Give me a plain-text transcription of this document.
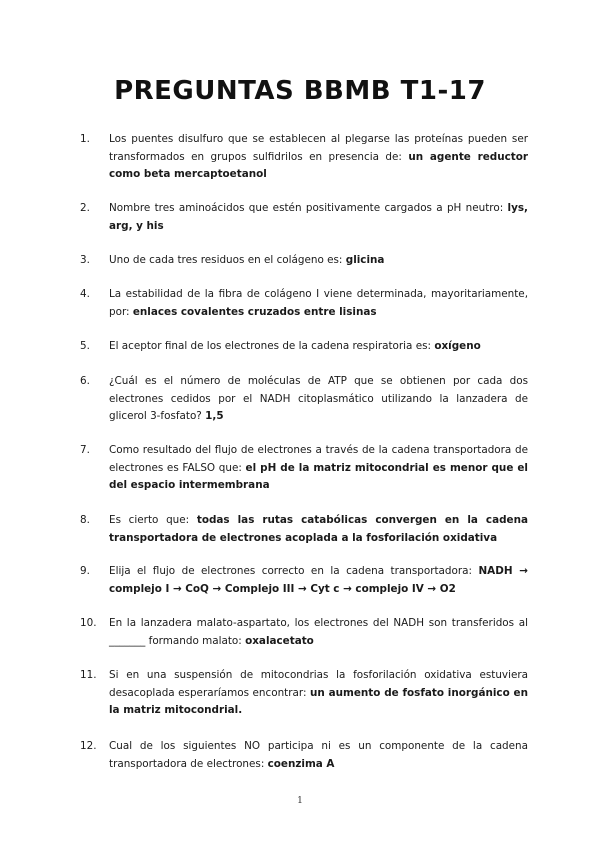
PREGUNTAS BBMB T1-17
1.	Los puentes disulfuro que se establecen al plegarse las proteínas pueden ser transformados en grupos sulfidrilos en presencia de: un agente reductor como beta mercaptoetanol
2.	Nombre tres aminoácidos que estén positivamente cargados a pH neutro: lys, arg, y his
3.	Uno de cada tres residuos en el colágeno es: glicina
4.	La estabilidad de la fibra de colágeno I viene determinada, mayoritariamente, por: enlaces covalentes cruzados entre lisinas
5.	El aceptor final de los electrones de la cadena respiratoria es: oxígeno
6.	¿Cuál es el número de moléculas de ATP que se obtienen por cada dos electrones cedidos por el NADH citoplasmático utilizando la lanzadera de glicerol 3-fosfato? 1,5
7.	Como resultado del flujo de electrones a través de la cadena transportadora de electrones es FALSO que: el pH de la matriz mitocondrial es menor que el del espacio intermembrana
8.	Es cierto que: todas las rutas catabólicas convergen en la cadena transportadora de electrones acoplada a la fosforilación oxidativa
9.	Elija el flujo de electrones correcto en la cadena transportadora: NADH → complejo I → CoQ → Complejo III → Cyt c → complejo IV → O2
10.	En la lanzadera malato-aspartato, los electrones del NADH son transferidos al _______ formando malato: oxalacetato
11.	Si en una suspensión de mitocondrias la fosforilación oxidativa estuviera desacoplada esperaríamos encontrar: un aumento de fosfato inorgánico en la matriz mitocondrial.
12.	Cual de los siguientes NO participa ni es un componente de la cadena transportadora de electrones: coenzima A
1
